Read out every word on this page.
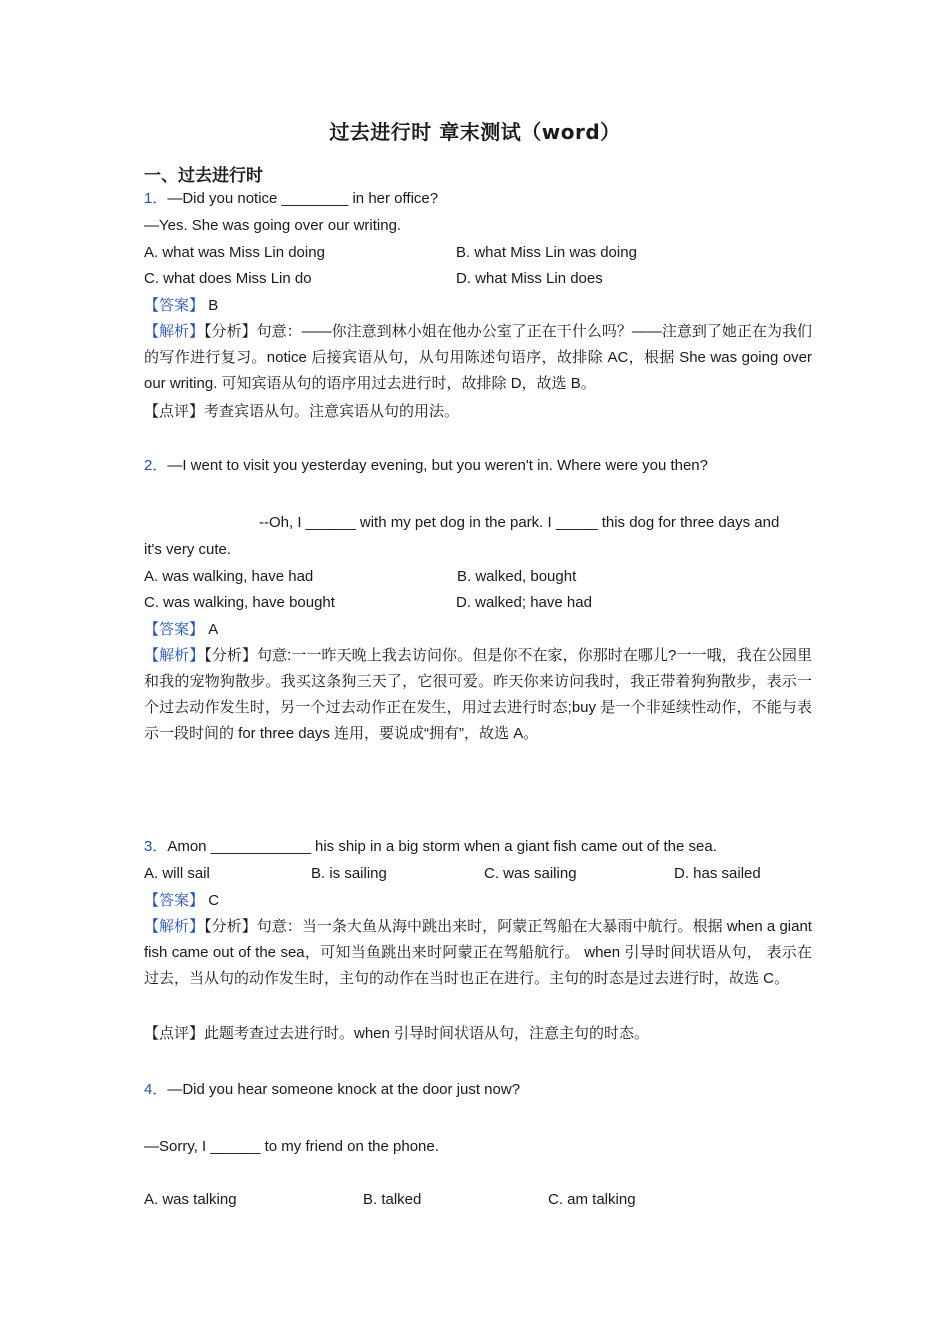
过去进行时 章末测试（word）
一、过去进行时
1．—Did you notice ________ in her office?
—Yes. She was going over our writing.
A. what was Miss Lin doing	B. what Miss Lin was doing
C. what does Miss Lin do	D. what Miss Lin does
【答案】 B
【解析】【分析】句意：——你注意到林小姐在他办公室了正在干什么吗？——注意到了她正在为我们的写作进行复习。notice 后接宾语从句，从句用陈述句语序，故排除 AC，根据 She was going over our writing. 可知宾语从句的语序用过去进行时，故排除 D，故选 B。
【点评】考查宾语从句。注意宾语从句的用法。
2．—I went to visit you yesterday evening, but you weren't in. Where were you then?
--Oh, I ______ with my pet dog in the park. I _____ this dog for three days and
it's very cute.
A. was walking, have had	B. walked, bought
C. was walking, have bought	D. walked; have had
【答案】 A
【解析】【分析】句意:一一昨天晚上我去访问你。但是你不在家，你那时在哪儿?一一哦，我在公园里和我的宠物狗散步。我买这条狗三天了，它很可爱。昨天你来访问我时，我正带着狗狗散步，表示一个过去动作发生时，另一个过去动作正在发生，用过去进行时态;buy 是一个非延续性动作，不能与表示一段时间的 for three days 连用，要说成“拥有”，故选 A。
3．Amon ____________ his ship in a big storm when a giant fish came out of the sea.
A. will sail	B. is sailing	C. was sailing	D. has sailed
【答案】 C
【解析】【分析】句意：当一条大鱼从海中跳出来时，阿蒙正驾船在大暴雨中航行。根据 when a giant fish came out of the sea，可知当鱼跳出来时阿蒙正在驾船航行。 when 引导时间状语从句， 表示在过去，当从句的动作发生时，主句的动作在当时也正在进行。主句的时态是过去进行时，故选 C。
【点评】此题考查过去进行时。when 引导时间状语从句，注意主句的时态。
4．—Did you hear someone knock at the door just now?
—Sorry, I ______ to my friend on the phone.
A. was talking	B. talked	C. am talking
